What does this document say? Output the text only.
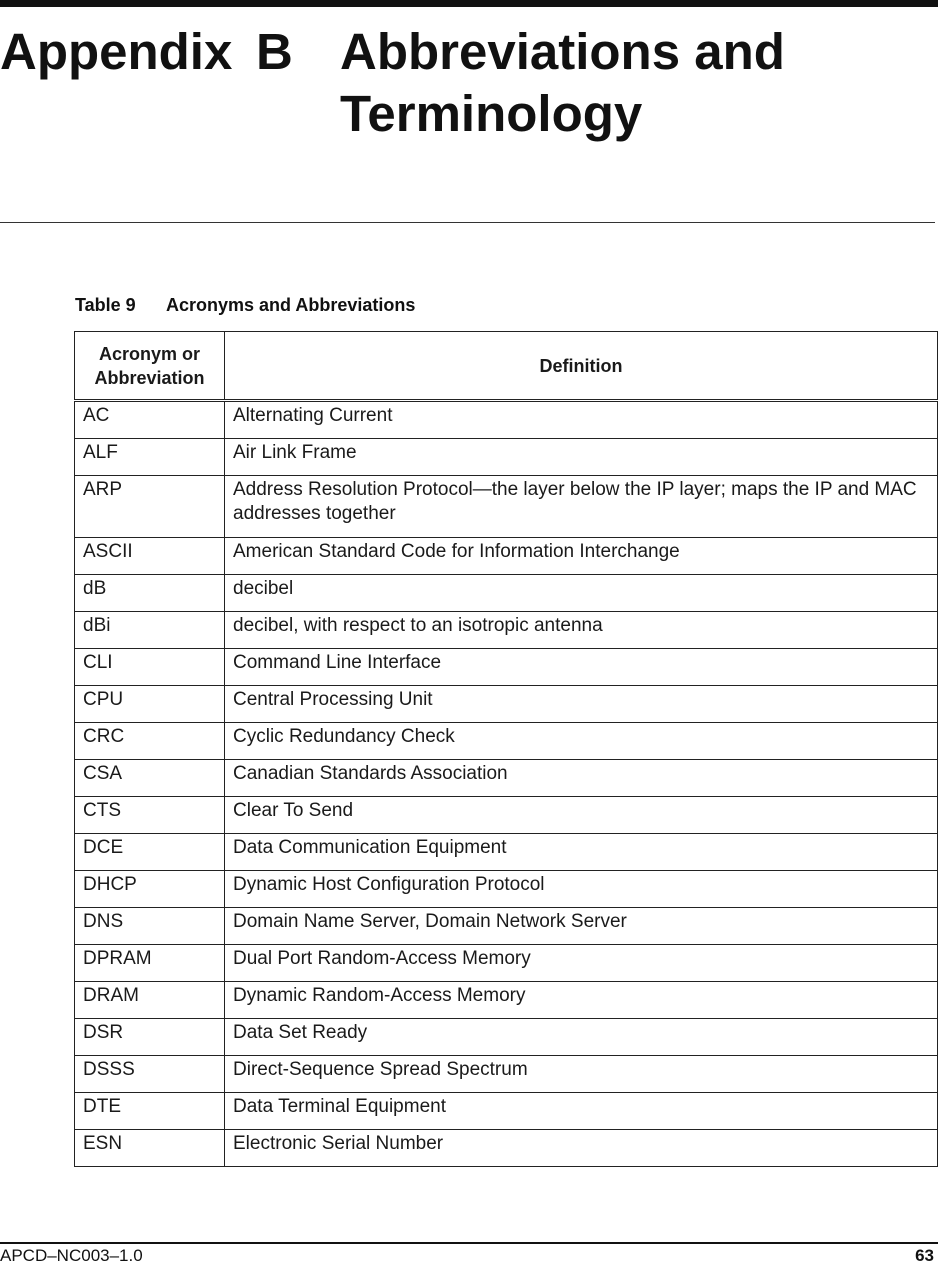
Appendix B Abbreviations and
Terminology
Table 9 Acronyms and Abbreviations
Acronym or
Abbreviation	Definition
AC	Alternating Current
ALF	Air Link Frame
ARP	Address Resolution Protocol—the layer below the IP layer; maps the IP and MAC addresses together
ASCII	American Standard Code for Information Interchange
dB	decibel
dBi	decibel, with respect to an isotropic antenna
CLI	Command Line Interface
CPU	Central Processing Unit
CRC	Cyclic Redundancy Check
CSA	Canadian Standards Association
CTS	Clear To Send
DCE	Data Communication Equipment
DHCP	Dynamic Host Configuration Protocol
DNS	Domain Name Server, Domain Network Server
DPRAM	Dual Port Random-Access Memory
DRAM	Dynamic Random-Access Memory
DSR	Data Set Ready
DSSS	Direct-Sequence Spread Spectrum
DTE	Data Terminal Equipment
ESN	Electronic Serial Number
APCD–NC003–1.0	63
